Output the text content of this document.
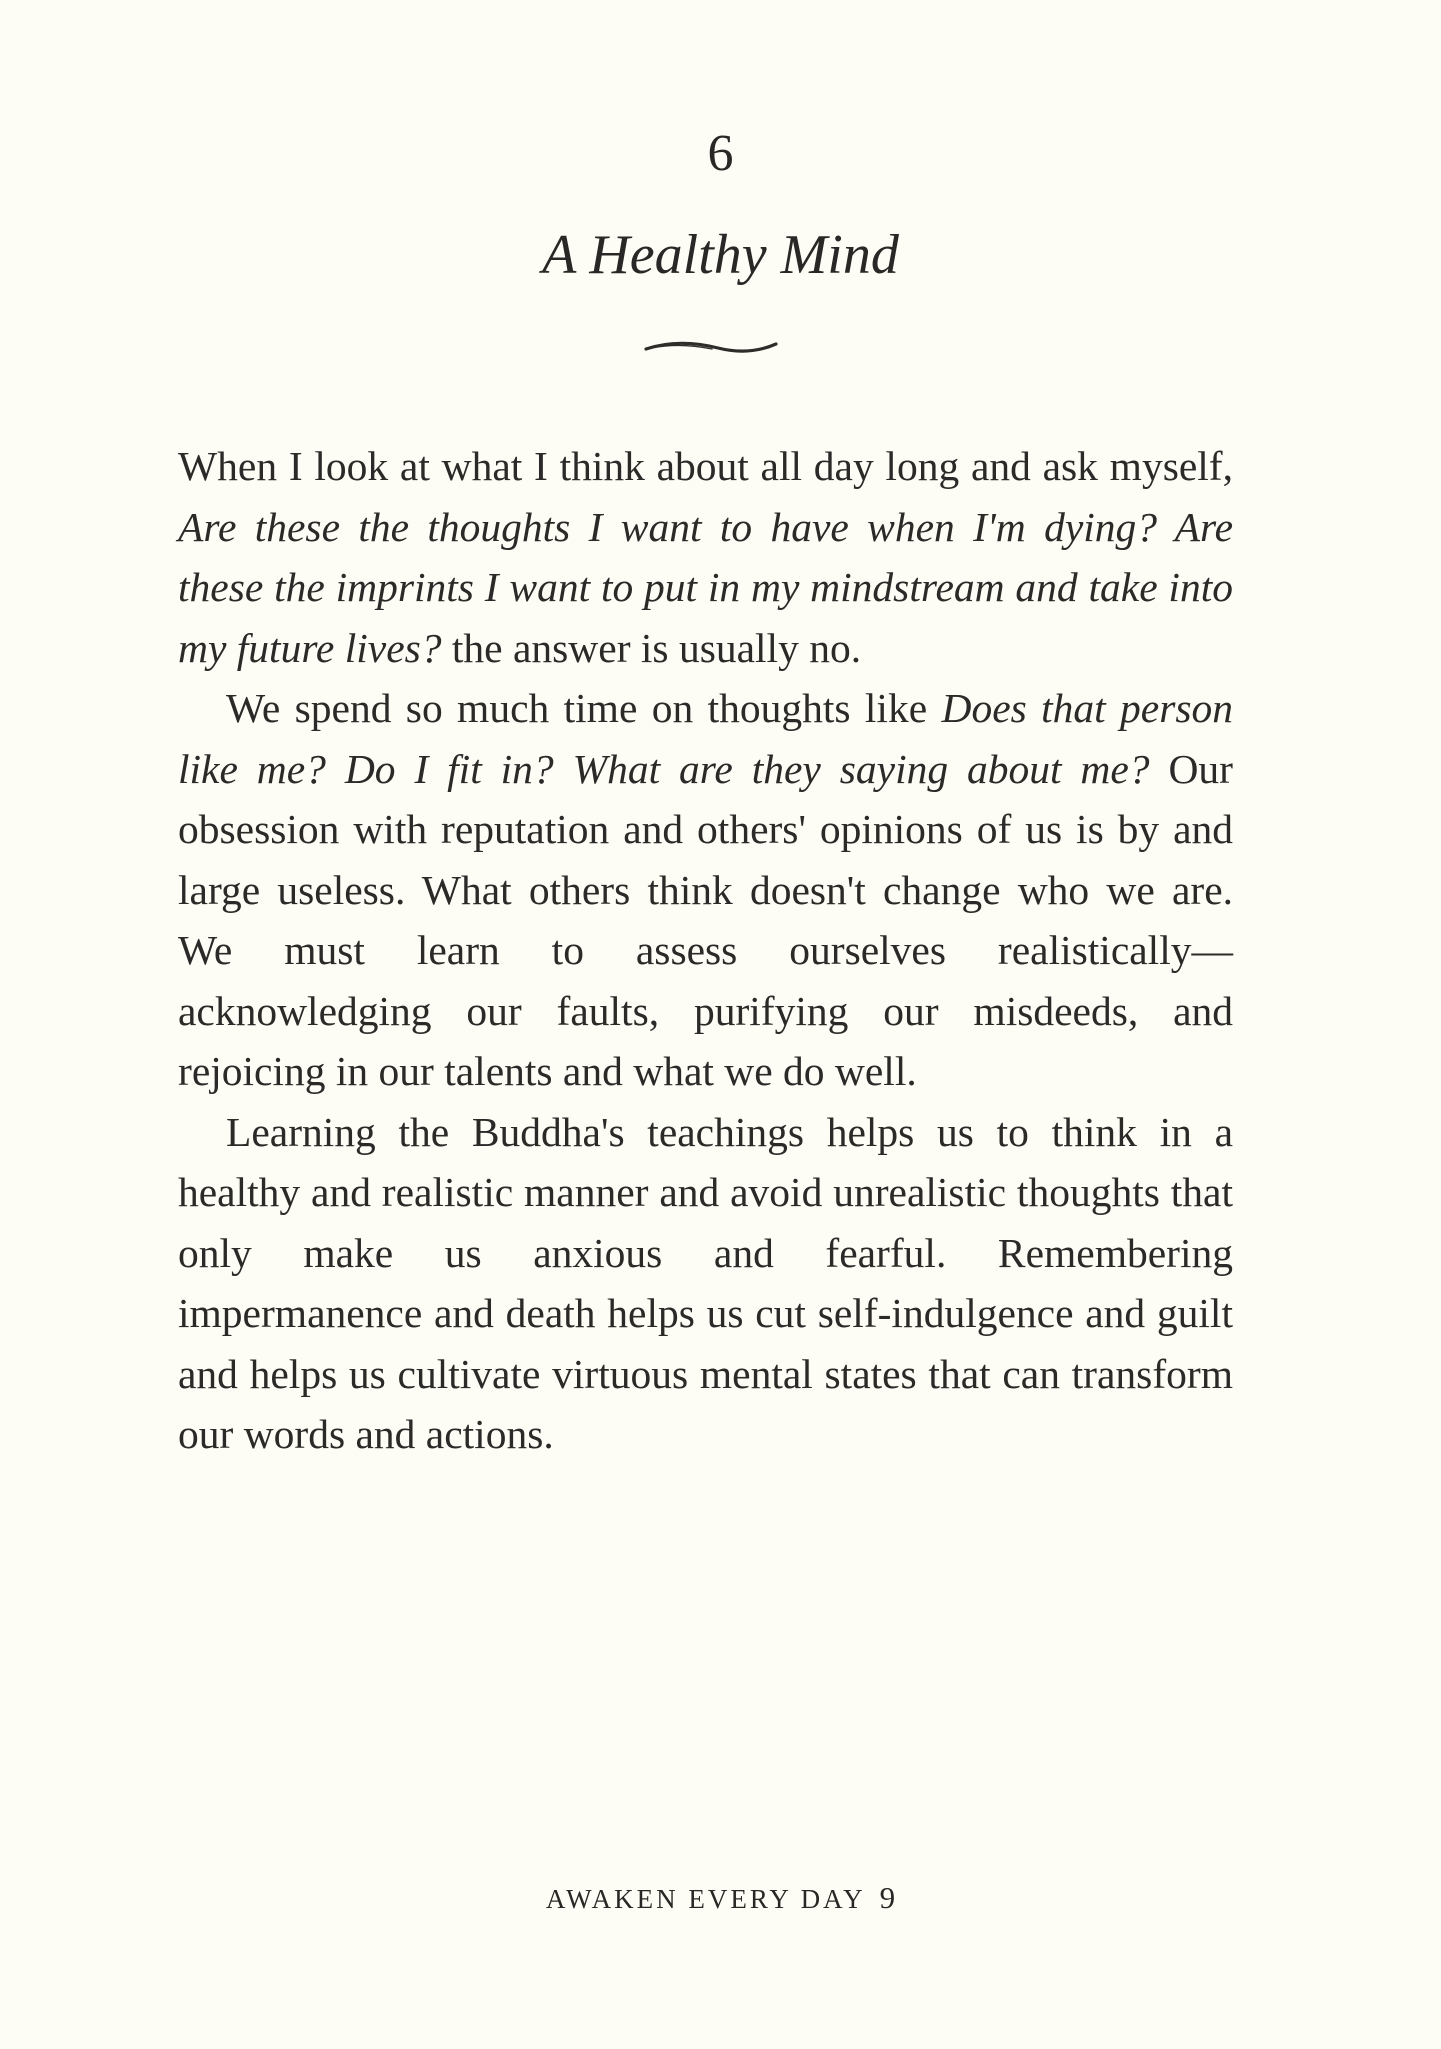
6
A Healthy Mind

When I look at what I think about all day long and ask myself, Are these the thoughts I want to have when I'm dying? Are these the imprints I want to put in my mindstream and take into my future lives? the answer is usually no.

We spend so much time on thoughts like Does that person like me? Do I fit in? What are they saying about me? Our obsession with reputation and others' opinions of us is by and large useless. What others think doesn't change who we are. We must learn to assess ourselves realistically—acknowledging our faults, purifying our misdeeds, and rejoicing in our talents and what we do well.

Learning the Buddha's teachings helps us to think in a healthy and realistic manner and avoid unrealistic thoughts that only make us anxious and fearful. Remembering impermanence and death helps us cut self-indulgence and guilt and helps us cultivate virtuous mental states that can transform our words and actions.

AWAKEN EVERY DAY 9
